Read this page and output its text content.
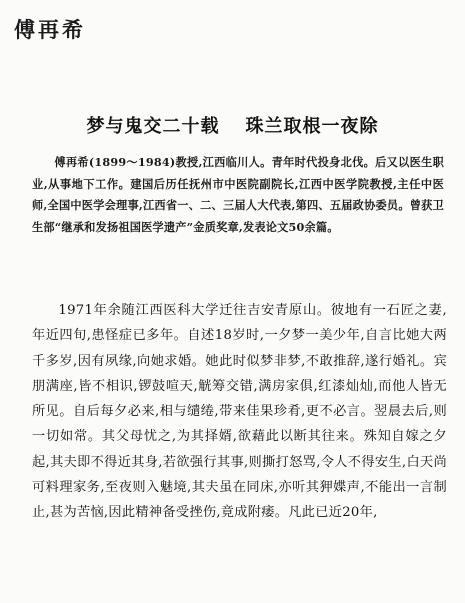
傅再希
梦与鬼交二十载 珠兰取根一夜除

傅再希(1899～1984)教授,江西临川人。青年时代投身北伐。后又以医生职业,从事地下工作。建国后历任抚州市中医院副院长,江西中医学院教授,主任中医师,全国中医学会理事,江西省一、二、三届人大代表,第四、五届政协委员。曾获卫生部“继承和发扬祖国医学遗产”金质奖章,发表论文50余篇。

1971年余随江西医科大学迁往吉安青原山。彼地有一石匠之妻,年近四旬,患怪症已多年。自述18岁时,一夕梦一美少年,自言比她大两千多岁,因有夙缘,向她求婚。她此时似梦非梦,不敢推辞,遂行婚礼。宾朋满座,皆不相识,锣鼓喧天,觥筹交错,满房家俱,红漆灿灿,而他人皆无所见。自后每夕必来,相与缱绻,带来佳果珍肴,更不必言。翌晨去后,则一切如常。其父母忧之,为其择婿,欲藉此以断其往来。殊知自嫁之夕起,其夫即不得近其身,若欲强行其事,则撕打怒骂,令人不得安生,白天尚可料理家务,至夜则入魅境,其夫虽在同床,亦听其狎媟声,不能出一言制止,甚为苦恼,因此精神备受挫伤,竟成附痿。凡此已近20年,
